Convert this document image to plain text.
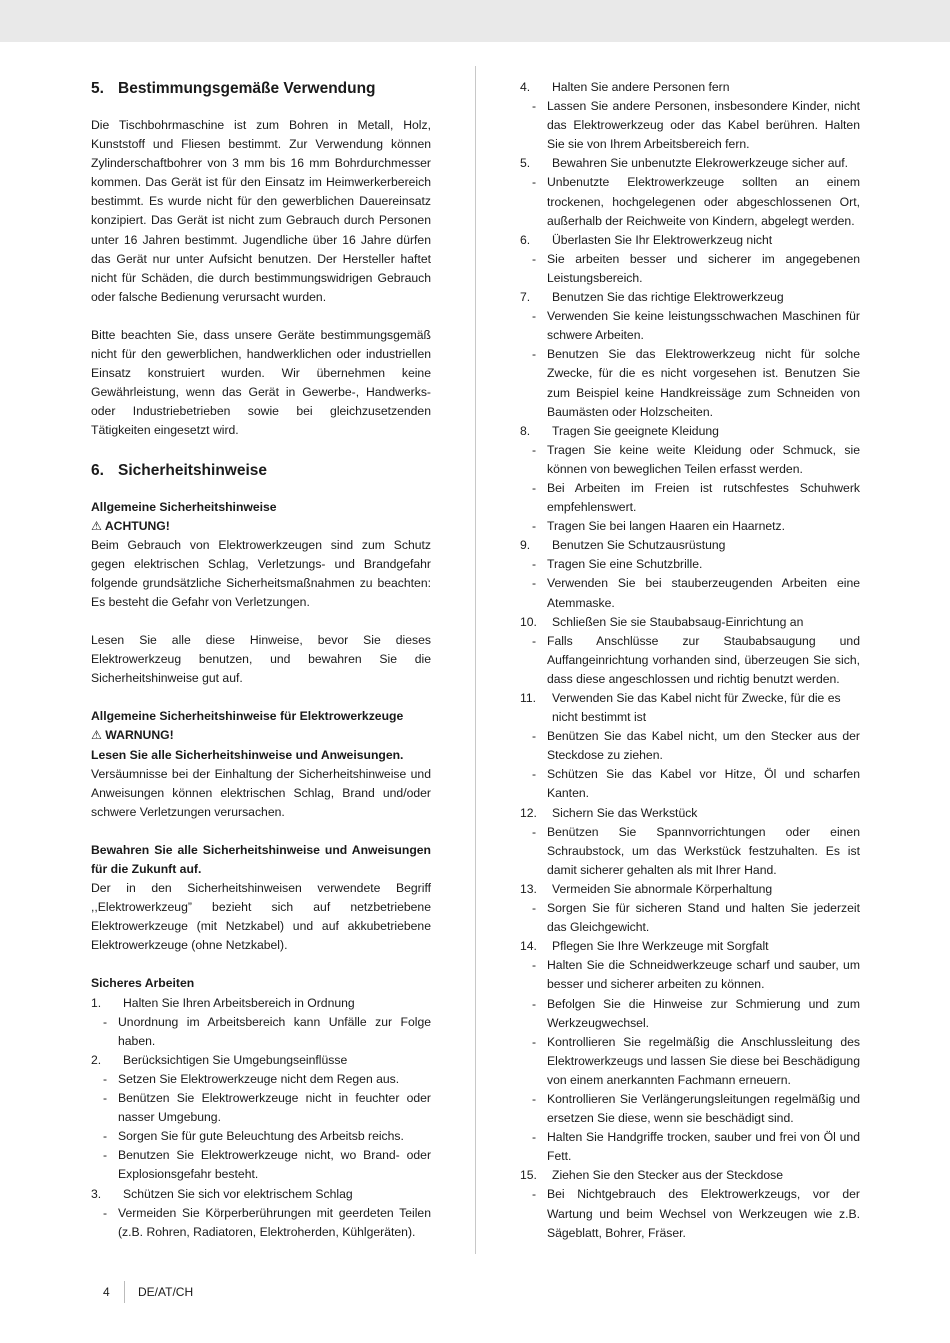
5. Bestimmungsgemäße Verwendung

Die Tischbohrmaschine ist zum Bohren in Metall, Holz, Kunststoff und Fliesen bestimmt. Zur Verwendung können Zylinderschaftbohrer von 3 mm bis 16 mm Bohrdurchmesser kommen. Das Gerät ist für den Einsatz im Heimwerkerbereich bestimmt. Es wurde nicht für den gewerblichen Dauereinsatz konzipiert. Das Gerät ist nicht zum Gebrauch durch Personen unter 16 Jahren bestimmt. Jugendliche über 16 Jahre dürfen das Gerät nur unter Aufsicht benutzen. Der Hersteller haftet nicht für Schäden, die durch bestimmungswidrigen Gebrauch oder falsche Bedienung verursacht wurden.

Bitte beachten Sie, dass unsere Geräte bestimmungsgemäß nicht für den gewerblichen, handwerklichen oder industriellen Einsatz konstruiert wurden. Wir übernehmen keine Gewährleistung, wenn das Gerät in Gewerbe-, Handwerks- oder Industriebetrieben sowie bei gleichzusetzenden Tätigkeiten eingesetzt wird.

6. Sicherheitshinweise
Allgemeine Sicherheitshinweise
⚠ ACHTUNG!

Beim Gebrauch von Elektrowerkzeugen sind zum Schutz gegen elektrischen Schlag, Verletzungs- und Brandgefahr folgende grundsätzliche Sicherheitsmaßnahmen zu beachten: Es besteht die Gefahr von Verletzungen.

Lesen Sie alle diese Hinweise, bevor Sie dieses Elektrowerkzeug benutzen, und bewahren Sie die Sicherheitshinweise gut auf.

Allgemeine Sicherheitshinweise für Elektrowerkzeuge

⚠ WARNUNG!
Lesen Sie alle Sicherheitshinweise und Anweisungen.

Versäumnisse bei der Einhaltung der Sicherheitshinweise und Anweisungen können elektrischen Schlag, Brand und/oder schwere Verletzungen verursachen.

Bewahren Sie alle Sicherheitshinweise und Anweisungen für die Zukunft auf.

Der in den Sicherheitshinweisen verwendete Begriff ,,Elektrowerkzeug” bezieht sich auf netzbetriebene Elektrowerkzeuge (mit Netzkabel) und auf akkubetriebene Elektrowerkzeuge (ohne Netzkabel).

Sicheres Arbeiten
1.	Halten Sie Ihren Arbeitsbereich in Ordnung
- Unordnung im Arbeitsbereich kann Unfälle zur Folge haben.
2.	Berücksichtigen Sie Umgebungseinflüsse
- Setzen Sie Elektrowerkzeuge nicht dem Regen aus.
- Benützen Sie Elektrowerkzeuge nicht in feuchter oder nasser Umgebung.
- Sorgen Sie für gute Beleuchtung des Arbeitsb reichs.
- Benutzen Sie Elektrowerkzeuge nicht, wo Brand- oder Explosionsgefahr besteht.
3.	Schützen Sie sich vor elektrischem Schlag
- Vermeiden Sie Körperberührungen mit geerdeten Teilen (z.B. Rohren, Radiatoren, Elektroherden, Kühlgeräten).
4.	Halten Sie andere Personen fern
- Lassen Sie andere Personen, insbesondere Kinder, nicht das Elektrowerkzeug oder das Kabel berühren. Halten Sie sie von Ihrem Arbeitsbereich fern.
5.	Bewahren Sie unbenutzte Elekrowerkzeuge sicher auf.
- Unbenutzte Elektrowerkzeuge sollten an einem trockenen, hochgelegenen oder abgeschlossenen Ort, außerhalb der Reichweite von Kindern, abgelegt werden.
6.	Überlasten Sie Ihr Elektrowerkzeug nicht
- Sie arbeiten besser und sicherer im angegebenen Leistungsbereich.
7.	Benutzen Sie das richtige Elektrowerkzeug
- Verwenden Sie keine leistungsschwachen Maschinen für schwere Arbeiten.
- Benutzen Sie das Elektrowerkzeug nicht für solche Zwecke, für die es nicht vorgesehen ist. Benutzen Sie zum Beispiel keine Handkreissäge zum Schneiden von Baumästen oder Holzscheiten.
8.	Tragen Sie geeignete Kleidung
- Tragen Sie keine weite Kleidung oder Schmuck, sie können von beweglichen Teilen erfasst werden.
- Bei Arbeiten im Freien ist rutschfestes Schuhwerk empfehlenswert.
- Tragen Sie bei langen Haaren ein Haarnetz.
9.	Benutzen Sie Schutzausrüstung
- Tragen Sie eine Schutzbrille.
- Verwenden Sie bei stauberzeugenden Arbeiten eine Atemmaske.
10.	Schließen Sie sie Staubabsaug-Einrichtung an
- Falls Anschlüsse zur Staubabsaugung und Auffangeinrichtung vorhanden sind, überzeugen Sie sich, dass diese angeschlossen und richtig benutzt werden.
11.	Verwenden Sie das Kabel nicht für Zwecke, für die es nicht bestimmt ist
- Benützen Sie das Kabel nicht, um den Stecker aus der Steckdose zu ziehen.
- Schützen Sie das Kabel vor Hitze, Öl und scharfen Kanten.
12.	Sichern Sie das Werkstück
- Benützen Sie Spannvorrichtungen oder einen Schraubstock, um das Werkstück festzuhalten. Es ist damit sicherer gehalten als mit Ihrer Hand.
13.	Vermeiden Sie abnormale Körperhaltung
- Sorgen Sie für sicheren Stand und halten Sie jederzeit das Gleichgewicht.
14.	Pflegen Sie Ihre Werkzeuge mit Sorgfalt
- Halten Sie die Schneidwerkzeuge scharf und sauber, um besser und sicherer arbeiten zu können.
- Befolgen Sie die Hinweise zur Schmierung und zum Werkzeugwechsel.
- Kontrollieren Sie regelmäßig die Anschlussleitung des Elektrowerkzeugs und lassen Sie diese bei Beschädigung von einem anerkannten Fachmann erneuern.
- Kontrollieren Sie Verlängerungsleitungen regelmäßig und ersetzen Sie diese, wenn sie beschädigt sind.
- Halten Sie Handgriffe trocken, sauber und frei von Öl und Fett.
15.	Ziehen Sie den Stecker aus der Steckdose
- Bei Nichtgebrauch des Elektrowerkzeugs, vor der Wartung und beim Wechsel von Werkzeugen wie z.B. Sägeblatt, Bohrer, Fräser.
4 DE/AT/CH
